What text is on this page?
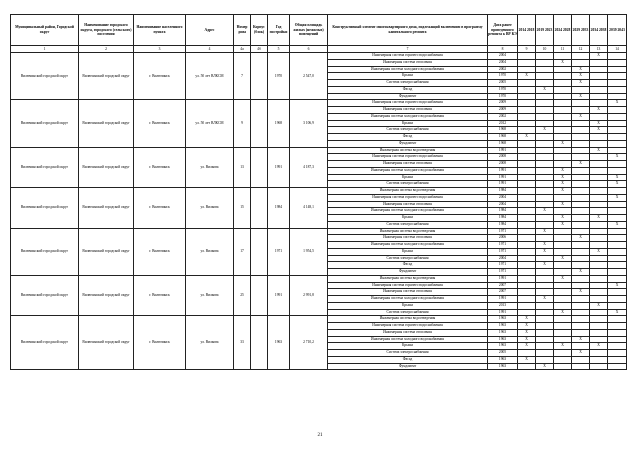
Муниципальный район, Городской округ	Наименование городского округа, городского (сельского) поселения	Наименование населенного пункта	Адрес	Номер дома	Корпус (блок)	Год постройки	Общая площадь жилых (нежилых) помещений	Конструктивный элемент многоквартирного дома, подлежащий включению в программу капитального ремонта	Дата ранее проведенного ремонта к ВР КЭ	2014 2018	2019 2023	2024 2028	2029 2033	2034 2038	2039 2043
1	2	3	4	4а	4б	5	6	7	8	9	10	11	12	13	14
Вилючинский городской округ	Вилючинский городской округ	г. Вилючинск	ул. 50 лет ВЛКСМ	7		1970	2 547,0	Инженерная система горячего водоснабжения	2004					X	
								Инженерная система отопления	2004			X			
								Инженерная система холодного водоснабжения	2002				X		
								Крыша	1970	X			X		
								Система электроснабжения	2005				X		
								Фасад	1970		X				
								Фундамент	1970				X		
Вилючинский городской округ	Вилючинский городской округ	г. Вилючинск	ул. 50 лет ВЛКСМ	9		1968	3 106,9	Инженерная система горячего водоснабжения	2009						X
								Инженерная система отопления	2009					X	
								Инженерная система холодного водоснабжения	2002				X		
								Крыша	2012					X	
								Система электроснабжения	1968		X			X	
								Фасад	1968	X					
								Фундамент	1968			X			
Вилючинский городской округ	Вилючинский городской округ	г. Вилючинск	ул. Вилкова	13		1991	4 187,3	Инженерная система водоотведения	1991					X	
								Инженерная система горячего водоснабжения	2008						X
								Инженерная система отопления	2008				X		
								Инженерная система холодного водоснабжения	1991			X			
								Крыша	1991			X			X
								Система электроснабжения	1991			X			X
Вилючинский городской округ	Вилючинский городской округ	г. Вилючинск	ул. Вилкова	15		1984	4 148,1	Инженерная система водоотведения	1984			X			
								Инженерная система горячего водоснабжения	2004						X
								Инженерная система отопления	2004			X			
								Инженерная система холодного водоснабжения	1984		X				
								Крыша	1984			X		X	
								Система электроснабжения	1984			X			X
Вилючинский городской округ	Вилючинский городской округ	г. Вилючинск	ул. Вилкова	17		1971	1 954,5	Инженерная система водоотведения	1971		X				
								Инженерная система отопления	2006				X		
								Инженерная система холодного водоснабжения	1971		X				
								Крыша	1971		X			X	
								Система электроснабжения	2004			X			
								Фасад	1971		X				
								Фундамент	1971				X		
Вилючинский городской округ	Вилючинский городской округ	г. Вилючинск	ул. Вилкова	25		1991	2 991,8	Инженерная система водоотведения	1991			X			
								Инженерная система горячего водоснабжения	2007						X
								Инженерная система отопления	2007				X		
								Инженерная система холодного водоснабжения	1991		X				
								Крыша	2013					X	
								Система электроснабжения	1991			X			X
Вилючинский городской округ	Вилючинский городской округ	г. Вилючинск	ул. Вилкова	33		1963	2 710,2	Инженерная система водоотведения	1963	X					
								Инженерная система горячего водоснабжения	1963	X					
								Инженерная система отопления	1963	X					
								Инженерная система холодного водоснабжения	1963	X			X		
								Крыша	1963	X		X		X	
								Система электроснабжения	2005				X		
								Фасад	1963	X					
								Фундамент	1963		X				
21
